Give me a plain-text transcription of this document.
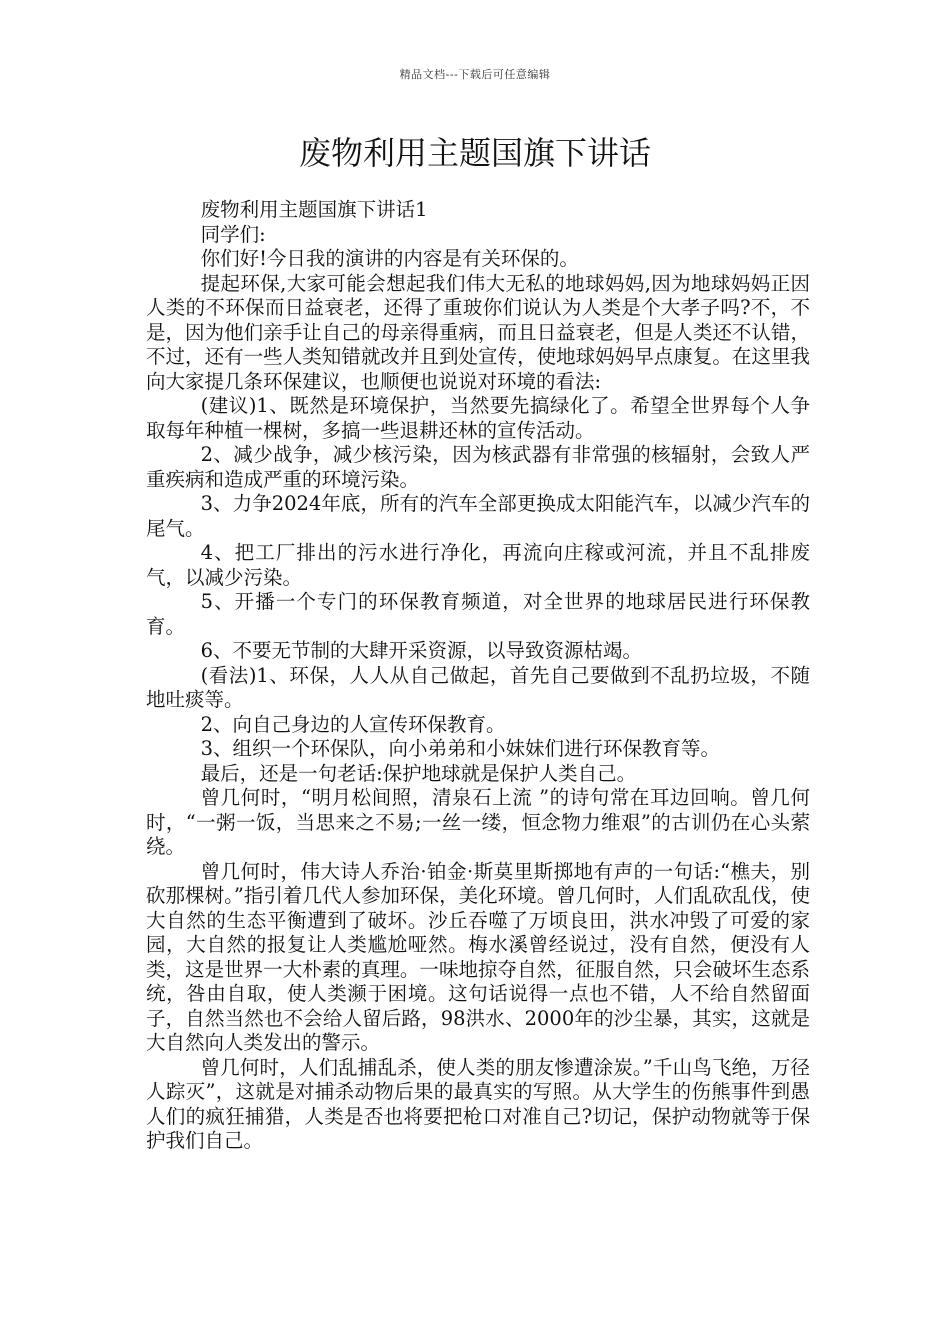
精品文档---下载后可任意编辑
废物利用主题国旗下讲话

废物利用主题国旗下讲话1

同学们:

你们好!今日我的演讲的内容是有关环保的。

提起环保,大家可能会想起我们伟大无私的地球妈妈,因为地球妈妈正因人类的不环保而日益衰老，还得了重玻你们说认为人类是个大孝子吗?不，不是，因为他们亲手让自己的母亲得重病，而且日益衰老，但是人类还不认错，不过，还有一些人类知错就改并且到处宣传，使地球妈妈早点康复。在这里我向大家提几条环保建议，也顺便也说说对环境的看法:

(建议)1、既然是环境保护，当然要先搞绿化了。希望全世界每个人争取每年种植一棵树，多搞一些退耕还林的宣传活动。

2、减少战争，减少核污染，因为核武器有非常强的核辐射，会致人严重疾病和造成严重的环境污染。

3、力争2024年底，所有的汽车全部更换成太阳能汽车，以减少汽车的尾气。

4、把工厂排出的污水进行净化，再流向庄稼或河流，并且不乱排废气，以减少污染。

5、开播一个专门的环保教育频道，对全世界的地球居民进行环保教育。

6、不要无节制的大肆开采资源，以导致资源枯竭。

(看法)1、环保，人人从自己做起，首先自己要做到不乱扔垃圾，不随地吐痰等。

2、向自己身边的人宣传环保教育。

3、组织一个环保队，向小弟弟和小妹妹们进行环保教育等。

最后，还是一句老话:保护地球就是保护人类自己。

曾几何时，“明月松间照，清泉石上流 ”的诗句常在耳边回响。曾几何时，“一粥一饭，当思来之不易;一丝一缕，恒念物力维艰”的古训仍在心头萦绕。

曾几何时，伟大诗人乔治·铂金·斯莫里斯掷地有声的一句话:“樵夫，别砍那棵树。”指引着几代人参加环保，美化环境。曾几何时，人们乱砍乱伐，使大自然的生态平衡遭到了破坏。沙丘吞噬了万顷良田，洪水冲毁了可爱的家园，大自然的报复让人类尴尬哑然。梅水溪曾经说过，没有自然，便没有人类，这是世界一大朴素的真理。一味地掠夺自然，征服自然，只会破坏生态系统，咎由自取，使人类濒于困境。这句话说得一点也不错，人不给自然留面子，自然当然也不会给人留后路，98洪水、2000年的沙尘暴，其实，这就是大自然向人类发出的警示。

曾几何时，人们乱捕乱杀，使人类的朋友惨遭涂炭。”千山鸟飞绝，万径人踪灭”，这就是对捕杀动物后果的最真实的写照。从大学生的伤熊事件到愚人们的疯狂捕猎，人类是否也将要把枪口对准自己?切记，保护动物就等于保护我们自己。
